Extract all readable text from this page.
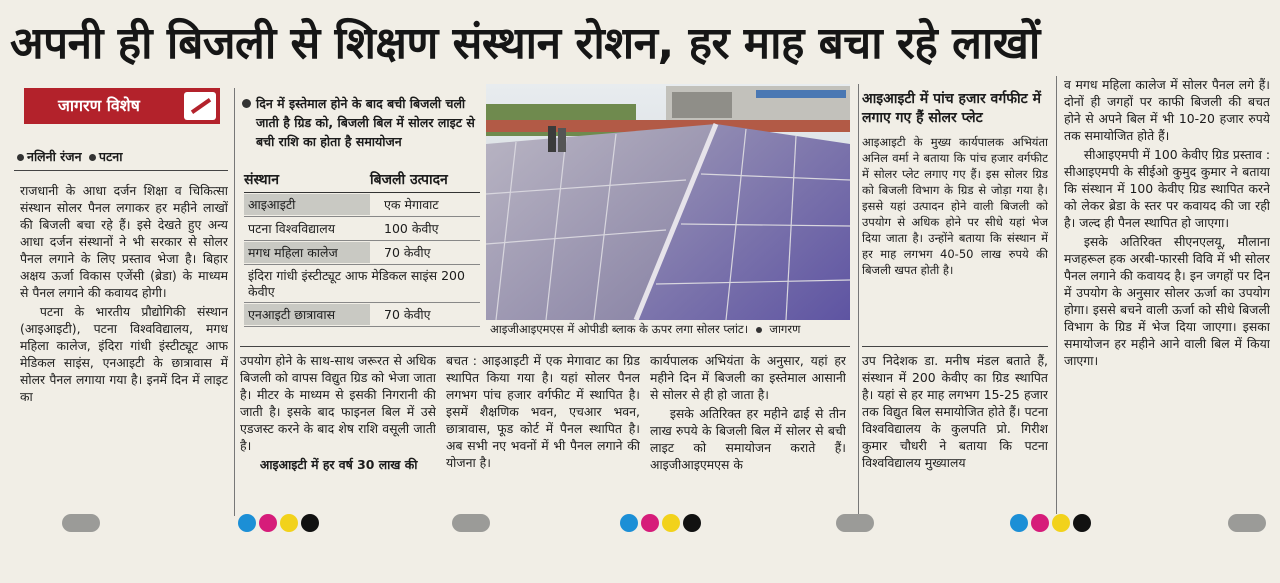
अपनी ही बिजली से शिक्षण संस्थान रोशन, हर माह बचा रहे लाखों
जागरण विशेष
नलिनी रंजन पटना

राजधानी के आधा दर्जन शिक्षा व चिकित्सा संस्थान सोलर पैनल लगाकर हर महीने लाखों की बिजली बचा रहे हैं। इसे देखते हुए अन्य आधा दर्जन संस्थानों ने भी सरकार से सोलर पैनल लगाने के लिए प्रस्ताव भेजा है। बिहार अक्षय ऊर्जा विकास एजेंसी (ब्रेडा) के माध्यम से पैनल लगाने की कवायद होगी।

पटना के भारतीय प्रौद्योगिकी संस्थान (आइआइटी), पटना विश्वविद्यालय, मगध महिला कालेज, इंदिरा गांधी इंस्टीट्यूट आफ मेडिकल साइंस, एनआइटी के छात्रावास में सोलर पैनल लगाया गया है। इनमें दिन में लाइट का

दिन में इस्तेमाल होने के बाद बची बिजली चली जाती है ग्रिड को, बिजली बिल में सोलर लाइट से बची राशि का होता है समायोजन
संस्थान	बिजली उत्पादन
आइआइटी	एक मेगावाट
पटना विश्वविद्यालय	100 केवीए
मगध महिला कालेज	70 केवीए
इंदिरा गांधी इंस्टीट्यूट आफ मेडिकल साइंस 200 केवीए
एनआइटी छात्रावास	70 केवीए
आइजीआइएमएस में ओपीडी ब्लाक के ऊपर लगा सोलर प्लांट। जागरण

उपयोग होने के साथ-साथ जरूरत से अधिक बिजली को वापस विद्युत ग्रिड को भेजा जाता है। मीटर के माध्यम से इसकी निगरानी की जाती है। इसके बाद फाइनल बिल में उसे एडजस्ट करने के बाद शेष राशि वसूली जाती है।

आइआइटी में हर वर्ष 30 लाख की

बचत : आइआइटी में एक मेगावाट का ग्रिड स्थापित किया गया है। यहां सोलर पैनल लगभग पांच हजार वर्गफीट में स्थापित है। इसमें शैक्षणिक भवन, एचआर भवन, छात्रावास, फूड कोर्ट में पैनल स्थापित है। अब सभी नए भवनों में भी पैनल लगाने की योजना है।

कार्यपालक अभियंता के अनुसार, यहां हर महीने दिन में बिजली का इस्तेमाल आसानी से सोलर से ही हो जाता है।

इसके अतिरिक्त हर महीने ढाई से तीन लाख रुपये के बिजली बिल में सोलर से बची लाइट को समायोजन कराते हैं। आइजीआइएमएस के

आइआइटी में पांच हजार वर्गफीट में लगाए गए हैं सोलर प्लेट

आइआइटी के मुख्य कार्यपालक अभियंता अनिल वर्मा ने बताया कि पांच हजार वर्गफीट में सोलर प्लेट लगाए गए हैं। इस सोलर ग्रिड को बिजली विभाग के ग्रिड से जोड़ा गया है। इससे यहां उत्पादन होने वाली बिजली को उपयोग से अधिक होने पर सीधे यहां भेज दिया जाता है। उन्होंने बताया कि संस्थान में हर माह लगभग 40-50 लाख रुपये की बिजली खपत होती है।

उप निदेशक डा. मनीष मंडल बताते हैं, संस्थान में 200 केवीए का ग्रिड स्थापित है। यहां से हर माह लगभग 15-25 हजार तक विद्युत बिल समायोजित होते हैं। पटना विश्वविद्यालय के कुलपति प्रो. गिरीश कुमार चौधरी ने बताया कि पटना विश्वविद्यालय मुख्यालय

व मगध महिला कालेज में सोलर पैनल लगे हैं। दोनों ही जगहों पर काफी बिजली की बचत होने से अपने बिल में भी 10-20 हजार रुपये तक समायोजित होते हैं।

सीआइएमपी में 100 केवीए ग्रिड प्रस्ताव : सीआइएमपी के सीईओ कुमुद कुमार ने बताया कि संस्थान में 100 केवीए ग्रिड स्थापित करने को लेकर ब्रेडा के स्तर पर कवायद की जा रही है। जल्द ही पैनल स्थापित हो जाएगा।

इसके अतिरिक्त सीएनएलयू, मौलाना मजहरूल हक अरबी-फारसी विवि में भी सोलर पैनल लगाने की कवायद है। इन जगहों पर दिन में उपयोग के अनुसार सोलर ऊर्जा का उपयोग होगा। इससे बचने वाली ऊर्जा को सीधे बिजली विभाग के ग्रिड में भेज दिया जाएगा। इसका समायोजन हर महीने आने वाली बिल में किया जाएगा।
